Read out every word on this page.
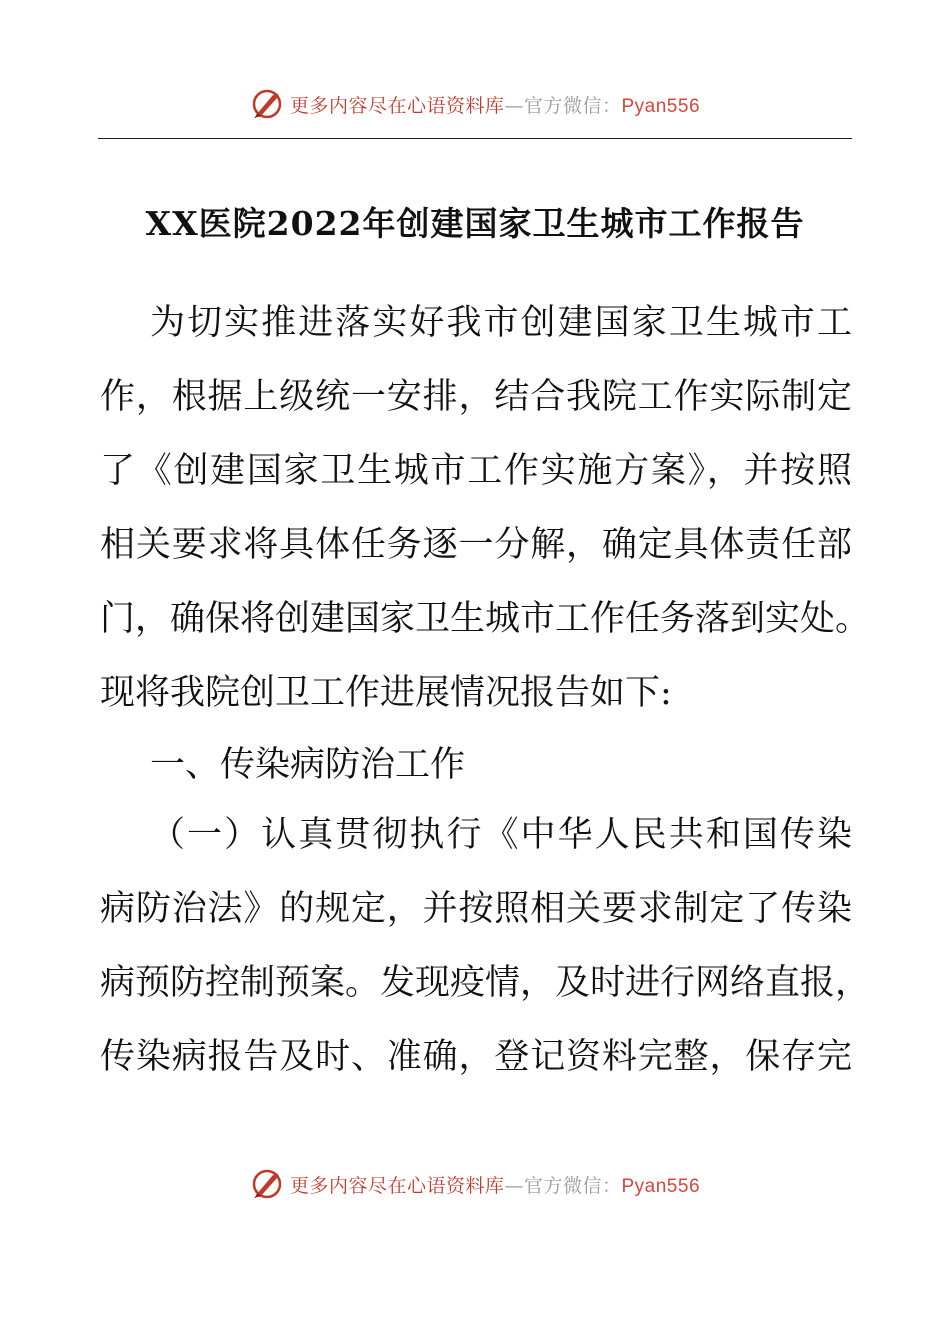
更多内容尽在心语资料库—官方微信：Pyan556
XX医院2022年创建国家卫生城市工作报告

为切实推进落实好我市创建国家卫生城市工

作，根据上级统一安排，结合我院工作实际制定

了《创建国家卫生城市工作实施方案》，并按照

相关要求将具体任务逐一分解，确定具体责任部

门，确保将创建国家卫生城市工作任务落到实处。

现将我院创卫工作进展情况报告如下:

一、传染病防治工作

（一）认真贯彻执行《中华人民共和国传染

病防治法》的规定，并按照相关要求制定了传染

病预防控制预案。发现疫情，及时进行网络直报，

传染病报告及时、准确，登记资料完整，保存完

更多内容尽在心语资料库—官方微信：Pyan556
